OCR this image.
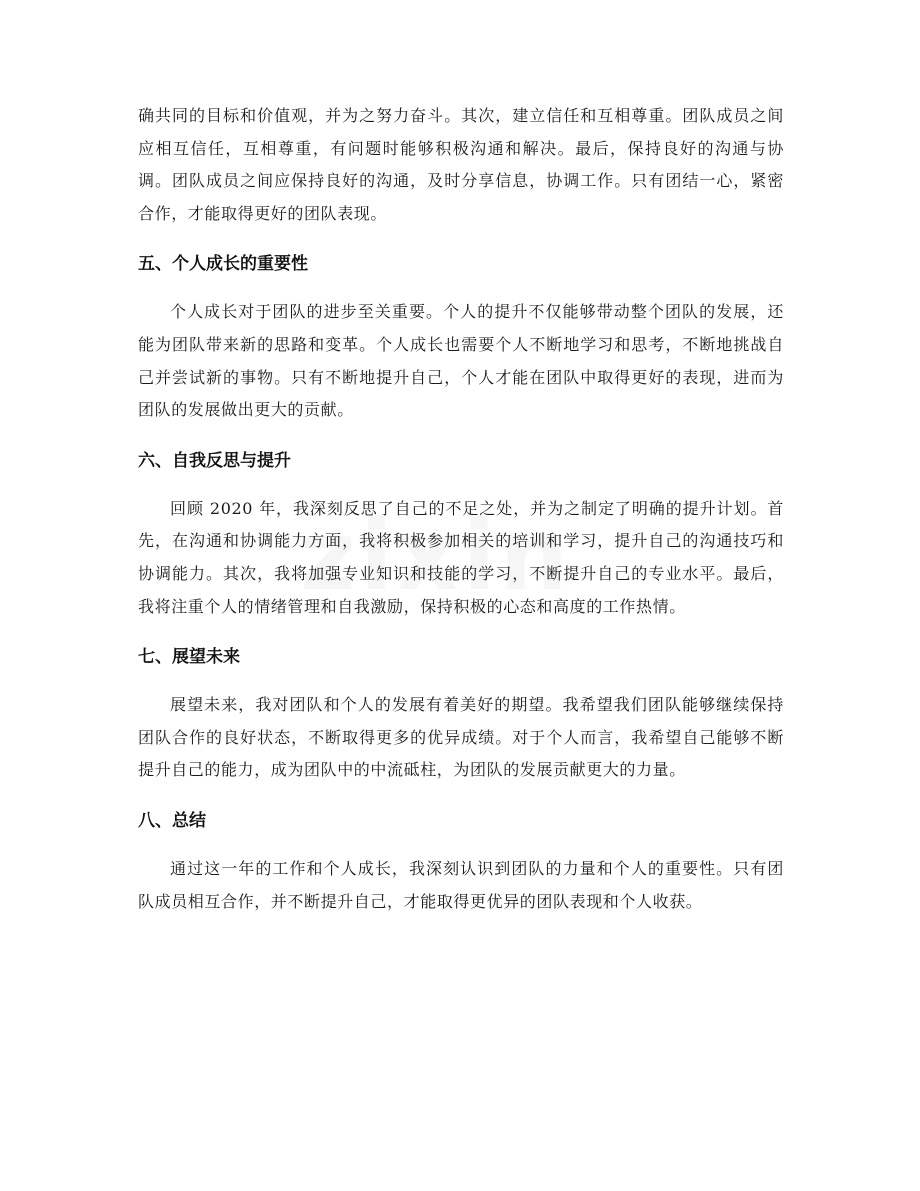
确共同的目标和价值观，并为之努力奋斗。其次，建立信任和互相尊重。团队成员之间应相互信任，互相尊重，有问题时能够积极沟通和解决。最后，保持良好的沟通与协调。团队成员之间应保持良好的沟通，及时分享信息，协调工作。只有团结一心，紧密合作，才能取得更好的团队表现。

五、个人成长的重要性

个人成长对于团队的进步至关重要。个人的提升不仅能够带动整个团队的发展，还能为团队带来新的思路和变革。个人成长也需要个人不断地学习和思考，不断地挑战自己并尝试新的事物。只有不断地提升自己，个人才能在团队中取得更好的表现，进而为团队的发展做出更大的贡献。

六、自我反思与提升

回顾 2020 年，我深刻反思了自己的不足之处，并为之制定了明确的提升计划。首先，在沟通和协调能力方面，我将积极参加相关的培训和学习，提升自己的沟通技巧和协调能力。其次，我将加强专业知识和技能的学习，不断提升自己的专业水平。最后，我将注重个人的情绪管理和自我激励，保持积极的心态和高度的工作热情。

七、展望未来

展望未来，我对团队和个人的发展有着美好的期望。我希望我们团队能够继续保持团队合作的良好状态，不断取得更多的优异成绩。对于个人而言，我希望自己能够不断提升自己的能力，成为团队中的中流砥柱，为团队的发展贡献更大的力量。

八、总结

通过这一年的工作和个人成长，我深刻认识到团队的力量和个人的重要性。只有团队成员相互合作，并不断提升自己，才能取得更优异的团队表现和个人收获。
